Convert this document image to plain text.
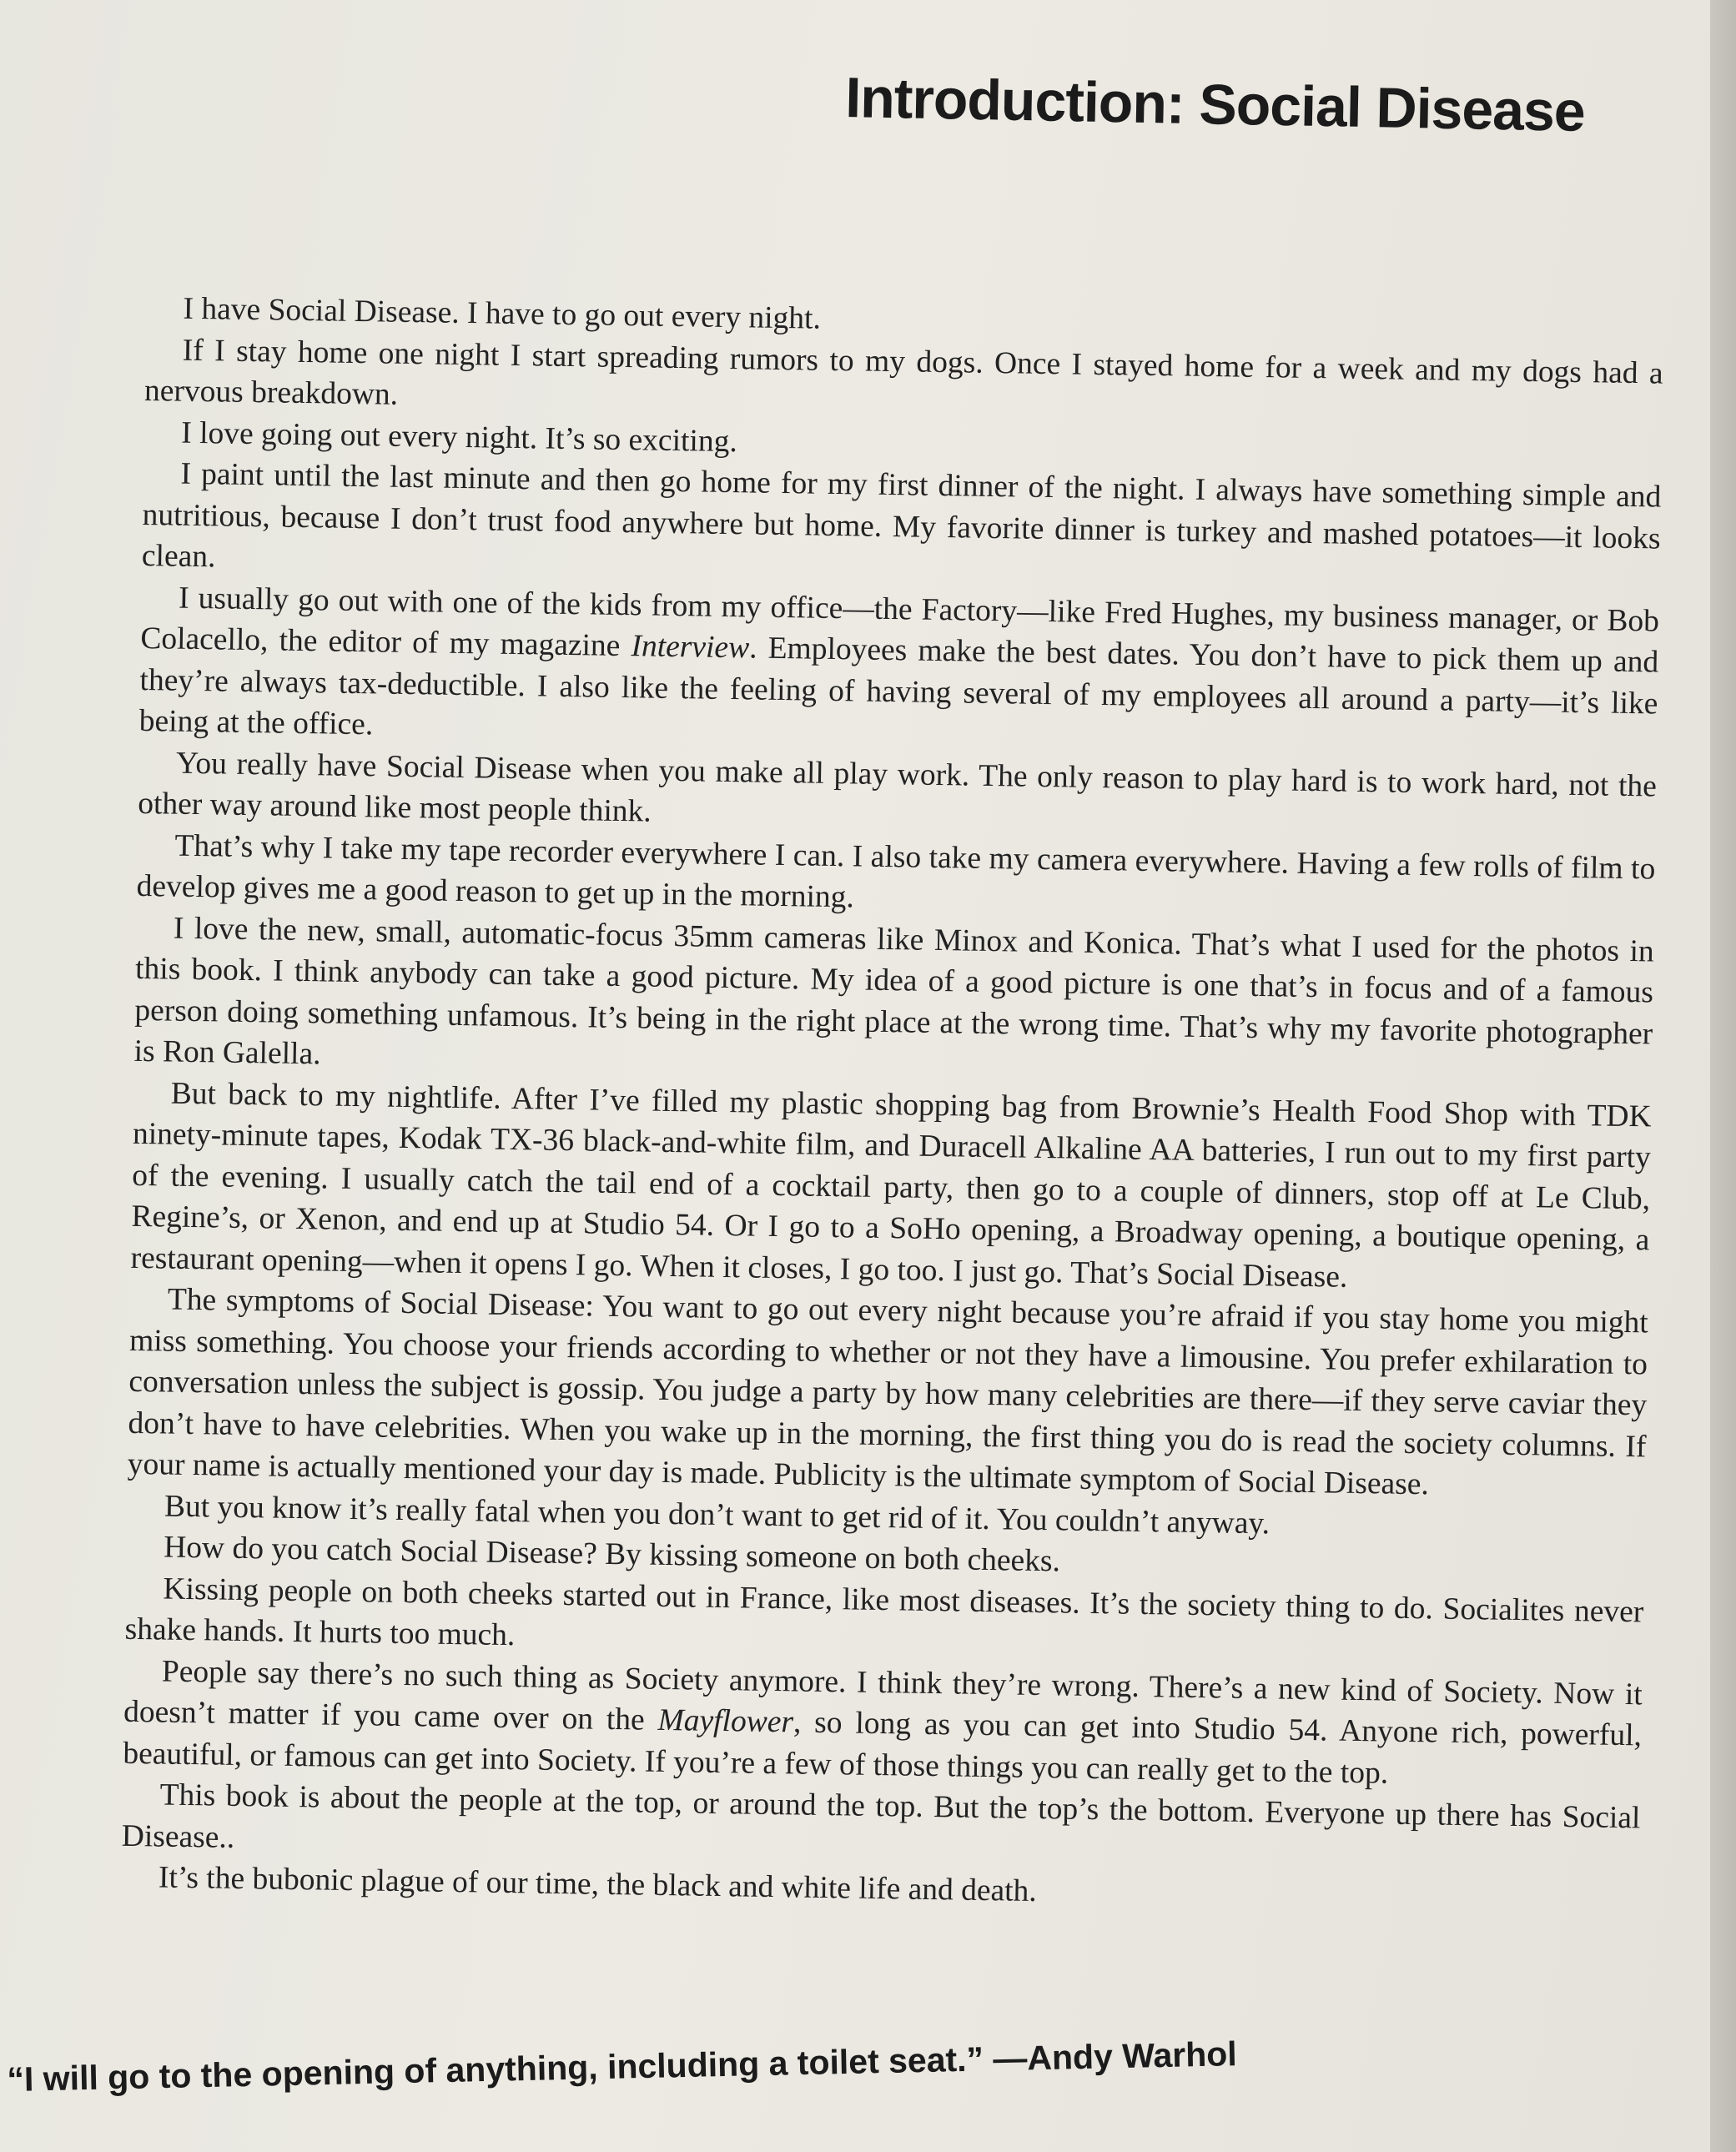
Introduction: Social Disease

I have Social Disease. I have to go out every night.

If I stay home one night I start spreading rumors to my dogs. Once I stayed home for a week and my dogs had a nervous breakdown.

I love going out every night. It’s so exciting.

I paint until the last minute and then go home for my first dinner of the night. I always have something simple and nutritious, because I don’t trust food anywhere but home. My favorite dinner is turkey and mashed potatoes—it looks clean.

I usually go out with one of the kids from my office—the Factory—like Fred Hughes, my business manager, or Bob Colacello, the editor of my magazine Interview. Employees make the best dates. You don’t have to pick them up and they’re always tax-deductible. I also like the feeling of having several of my employees all around a party—it’s like being at the office.

You really have Social Disease when you make all play work. The only reason to play hard is to work hard, not the other way around like most people think.

That’s why I take my tape recorder everywhere I can. I also take my camera everywhere. Having a few rolls of film to develop gives me a good reason to get up in the morning.

I love the new, small, automatic-focus 35mm cameras like Minox and Konica. That’s what I used for the photos in this book. I think anybody can take a good picture. My idea of a good picture is one that’s in focus and of a famous person doing something unfamous. It’s being in the right place at the wrong time. That’s why my favorite photographer is Ron Galella.

But back to my nightlife. After I’ve filled my plastic shopping bag from Brownie’s Health Food Shop with TDK ninety-minute tapes, Kodak TX-36 black-and-white film, and Duracell Alkaline AA batteries, I run out to my first party of the evening. I usually catch the tail end of a cocktail party, then go to a couple of dinners, stop off at Le Club, Regine’s, or Xenon, and end up at Studio 54. Or I go to a SoHo opening, a Broadway opening, a boutique opening, a restaurant opening—when it opens I go. When it closes, I go too. I just go. That’s Social Disease.

The symptoms of Social Disease: You want to go out every night because you’re afraid if you stay home you might miss something. You choose your friends according to whether or not they have a limousine. You prefer exhilaration to conversation unless the subject is gossip. You judge a party by how many celebrities are there—if they serve caviar they don’t have to have celebrities. When you wake up in the morning, the first thing you do is read the society columns. If your name is actually mentioned your day is made. Publicity is the ultimate symptom of Social Disease.

But you know it’s really fatal when you don’t want to get rid of it. You couldn’t anyway.

How do you catch Social Disease? By kissing someone on both cheeks.

Kissing people on both cheeks started out in France, like most diseases. It’s the society thing to do. Socialites never shake hands. It hurts too much.

People say there’s no such thing as Society anymore. I think they’re wrong. There’s a new kind of Society. Now it doesn’t matter if you came over on the Mayflower, so long as you can get into Studio 54. Anyone rich, powerful, beautiful, or famous can get into Society. If you’re a few of those things you can really get to the top.

This book is about the people at the top, or around the top. But the top’s the bottom. Everyone up there has Social Disease..

It’s the bubonic plague of our time, the black and white life and death.

“I will go to the opening of anything, including a toilet seat.” —Andy Warhol
